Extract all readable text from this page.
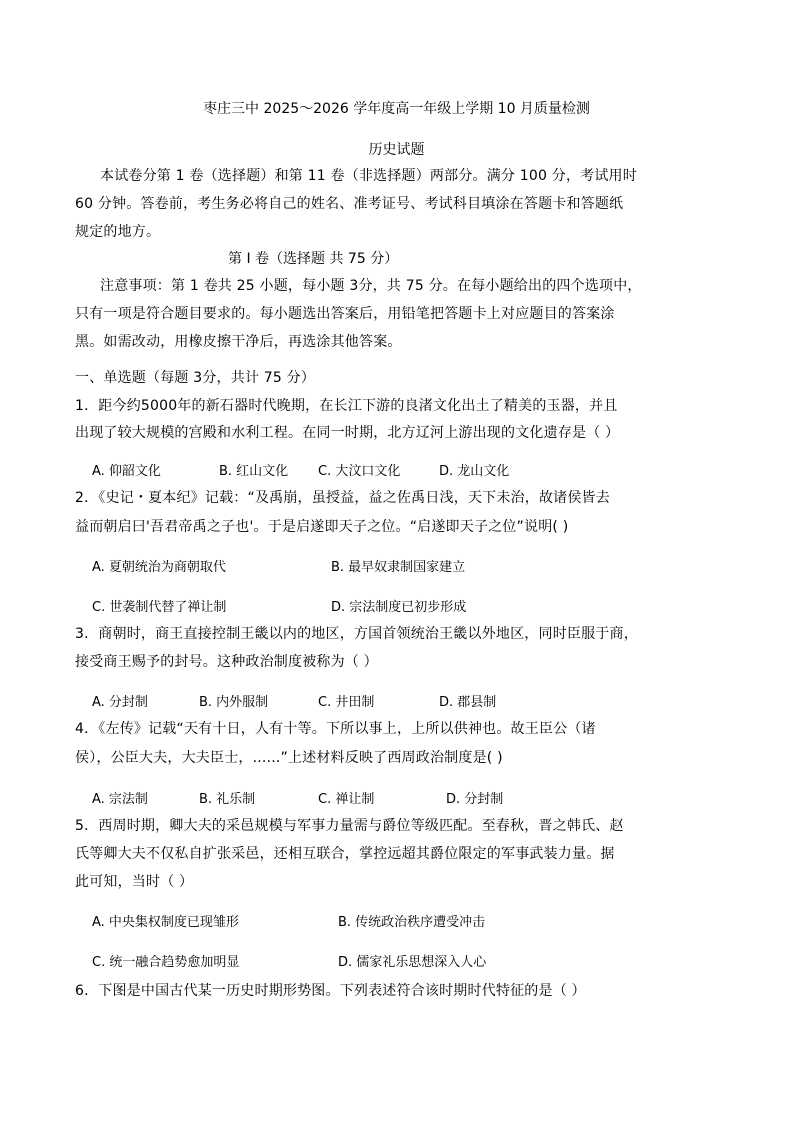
枣庄三中 2025～2026 学年度高一年级上学期 10 月质量检测
历史试题
本试卷分第 1 卷（选择题）和第 11 卷（非选择题）两部分。满分 100 分，考试用时
60 分钟。答卷前，考生务必将自己的姓名、准考证号、考试科目填涂在答题卡和答题纸
规定的地方。
第 I 卷（选择题 共 75 分）
注意事项：第 1 卷共 25 小题，每小题 3分，共 75 分。在每小题给出的四个选项中，
只有一项是符合题目要求的。每小题选出答案后，用铅笔把答题卡上对应题目的答案涂
黑。如需改动，用橡皮擦干净后，再选涂其他答案。
一、单选题（每题 3分，共计 75 分）
1．距今约5000年的新石器时代晚期，在长江下游的良渚文化出土了精美的玉器，并且
出现了较大规模的宫殿和水利工程。在同一时期，北方辽河上游出现的文化遗存是（ ）
A. 仰韶文化	B. 红山文化 C. 大汶口文化	D. 龙山文化
2．《史记・夏本纪》记载：“及禹崩，虽授益，益之佐禹日浅，天下未治，故诸侯皆去
益而朝启曰'吾君帝禹之子也'。于是启遂即天子之位。“启遂即天子之位”说明( )
A. 夏朝统治为商朝取代	B. 最早奴隶制国家建立
C. 世袭制代替了禅让制	D. 宗法制度已初步形成
3．商朝时，商王直接控制王畿以内的地区，方国首领统治王畿以外地区，同时臣服于商，
接受商王赐予的封号。这种政治制度被称为（ ）
A. 分封制	B. 内外服制	C. 井田制	D. 郡县制
4．《左传》记载“天有十日，人有十等。下所以事上，上所以供神也。故王臣公（诸
侯），公臣大夫，大夫臣士，......”上述材料反映了西周政治制度是( )
A. 宗法制	B. 礼乐制	C. 禅让制	D. 分封制
5．西周时期，卿大夫的采邑规模与军事力量需与爵位等级匹配。至春秋，晋之韩氏、赵
氏等卿大夫不仅私自扩张采邑，还相互联合，掌控远超其爵位限定的军事武装力量。据
此可知，当时（ ）
A. 中央集权制度已现雏形	B. 传统政治秩序遭受冲击
C. 统一融合趋势愈加明显	D. 儒家礼乐思想深入人心
6．下图是中国古代某一历史时期形势图。下列表述符合该时期时代特征的是（ ）
